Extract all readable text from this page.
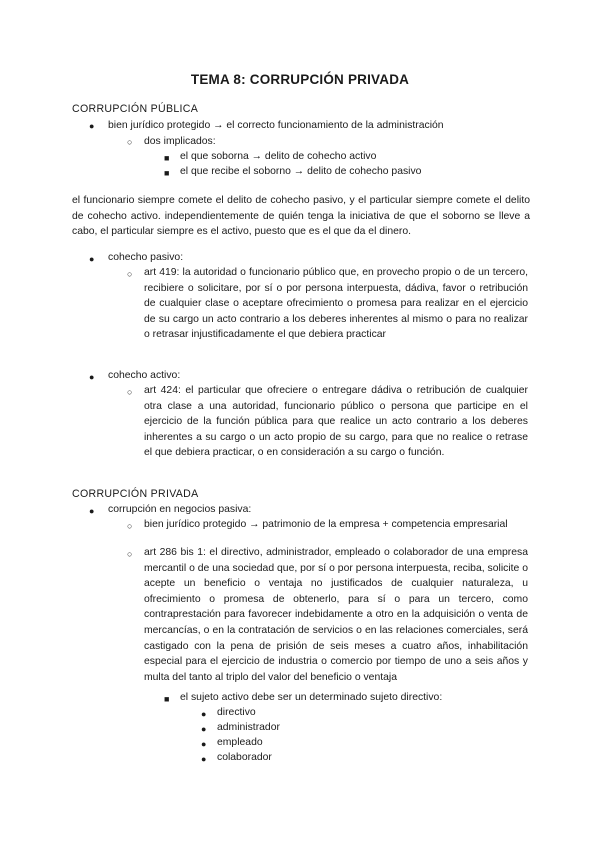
TEMA 8: CORRUPCIÓN PRIVADA
CORRUPCIÓN PÚBLICA
● bien jurídico protegido → el correcto funcionamiento de la administración
○ dos implicados:
■ el que soborna → delito de cohecho activo
■ el que recibe el soborno → delito de cohecho pasivo
el funcionario siempre comete el delito de cohecho pasivo, y el particular siempre comete el delito de cohecho activo. independientemente de quién tenga la iniciativa de que el soborno se lleve a cabo, el particular siempre es el activo, puesto que es el que da el dinero.
● cohecho pasivo:
○ art 419: la autoridad o funcionario público que, en provecho propio o de un tercero, recibiere o solicitare, por sí o por persona interpuesta, dádiva, favor o retribución de cualquier clase o aceptare ofrecimiento o promesa para realizar en el ejercicio de su cargo un acto contrario a los deberes inherentes al mismo o para no realizar o retrasar injustificadamente el que debiera practicar
● cohecho activo:
○ art 424: el particular que ofreciere o entregare dádiva o retribución de cualquier otra clase a una autoridad, funcionario público o persona que participe en el ejercicio de la función pública para que realice un acto contrario a los deberes inherentes a su cargo o un acto propio de su cargo, para que no realice o retrase el que debiera practicar, o en consideración a su cargo o función.
CORRUPCIÓN PRIVADA
● corrupción en negocios pasiva:
○ bien jurídico protegido → patrimonio de la empresa + competencia empresarial
○ art 286 bis 1: el directivo, administrador, empleado o colaborador de una empresa mercantil o de una sociedad que, por sí o por persona interpuesta, reciba, solicite o acepte un beneficio o ventaja no justificados de cualquier naturaleza, u ofrecimiento o promesa de obtenerlo, para sí o para un tercero, como contraprestación para favorecer indebidamente a otro en la adquisición o venta de mercancías, o en la contratación de servicios o en las relaciones comerciales, será castigado con la pena de prisión de seis meses a cuatro años, inhabilitación especial para el ejercicio de industria o comercio por tiempo de uno a seis años y multa del tanto al triplo del valor del beneficio o ventaja
■ el sujeto activo debe ser un determinado sujeto directivo:
● directivo
● administrador
● empleado
● colaborador
